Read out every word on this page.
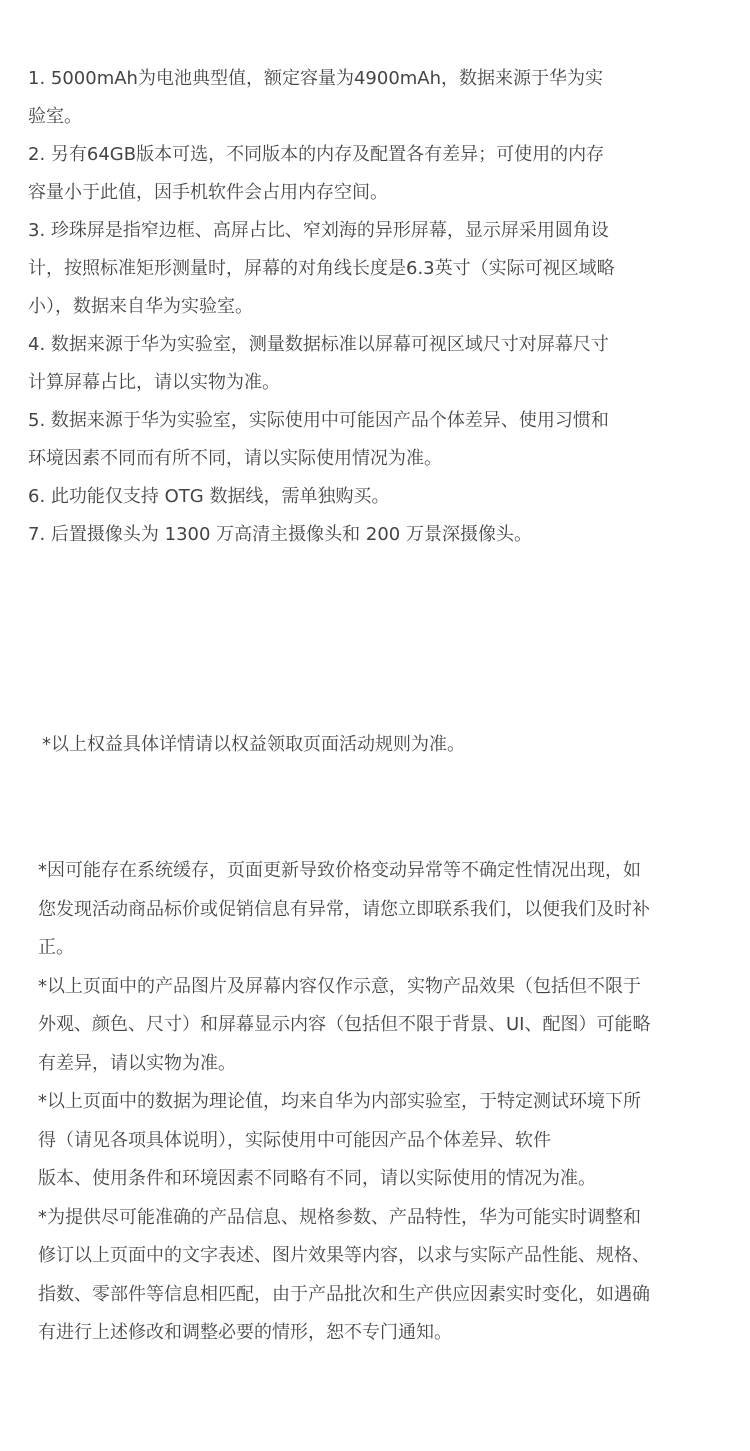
1. 5000mAh为电池典型值，额定容量为4900mAh，数据来源于华为实
验室。
2. 另有64GB版本可选，不同版本的内存及配置各有差异；可使用的内存
容量小于此值，因手机软件会占用内存空间。
3. 珍珠屏是指窄边框、高屏占比、窄刘海的异形屏幕，显示屏采用圆角设
计，按照标准矩形测量时，屏幕的对角线长度是6.3英寸（实际可视区域略
小），数据来自华为实验室。
4. 数据来源于华为实验室，测量数据标准以屏幕可视区域尺寸对屏幕尺寸
计算屏幕占比，请以实物为准。
5. 数据来源于华为实验室，实际使用中可能因产品个体差异、使用习惯和
环境因素不同而有所不同，请以实际使用情况为准。
6. 此功能仅支持 OTG 数据线，需单独购买。
7. 后置摄像头为 1300 万高清主摄像头和 200 万景深摄像头。
*以上权益具体详情请以权益领取页面活动规则为准。
*因可能存在系统缓存，页面更新导致价格变动异常等不确定性情况出现，如
您发现活动商品标价或促销信息有异常，请您立即联系我们，以便我们及时补
正。
*以上页面中的产品图片及屏幕内容仅作示意，实物产品效果（包括但不限于
外观、颜色、尺寸）和屏幕显示内容（包括但不限于背景、UI、配图）可能略
有差异，请以实物为准。
*以上页面中的数据为理论值，均来自华为内部实验室，于特定测试环境下所
得（请见各项具体说明），实际使用中可能因产品个体差异、软件
版本、使用条件和环境因素不同略有不同，请以实际使用的情况为准。
*为提供尽可能准确的产品信息、规格参数、产品特性，华为可能实时调整和
修订以上页面中的文字表述、图片效果等内容，以求与实际产品性能、规格、
指数、零部件等信息相匹配，由于产品批次和生产供应因素实时变化，如遇确
有进行上述修改和调整必要的情形，恕不专门通知。
